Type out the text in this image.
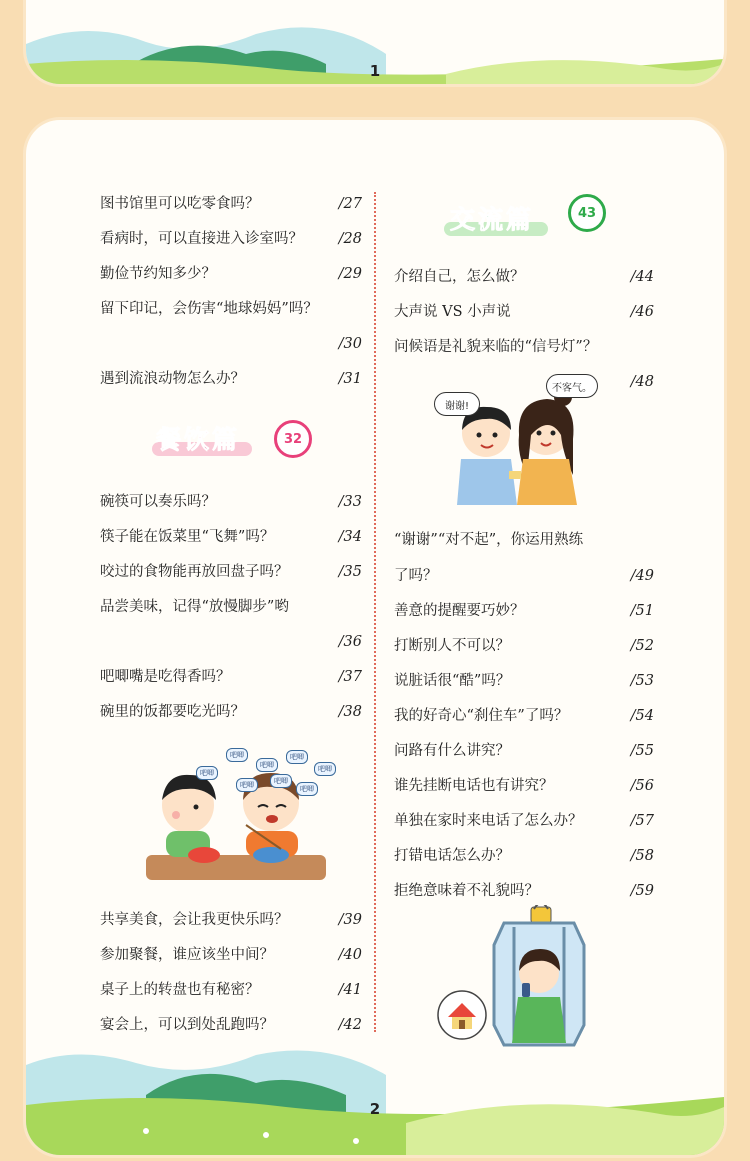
1
餐饮篇	32
交流篇	43
吧唧
吧唧
吧唧
吧唧	吧唧
吧唧	吧唧
吧唧
谢谢!
不客气。
2
图书馆里可以吃零食吗？	/27
看病时，可以直接进入诊室吗？ /28
勤俭节约知多少？	/29
留下印记，会伤害“地球妈妈”吗？
/30
遇到流浪动物怎么办？	/31
碗筷可以奏乐吗？	/33
筷子能在饭菜里“飞舞”吗？	/34
咬过的食物能再放回盘子吗？	/35
品尝美味，记得“放慢脚步”哟
/36
吧唧嘴是吃得香吗？	/37
碗里的饭都要吃光吗？	/38
共享美食，会让我更快乐吗？	/39
参加聚餐，谁应该坐中间？	/40
桌子上的转盘也有秘密？	/41
宴会上，可以到处乱跑吗？	/42
介绍自己，怎么做？	/44
大声说 VS 小声说	/46
问候语是礼貌来临的“信号灯”？
/48
“谢谢”“对不起”，你运用熟练
了吗？	/49
善意的提醒要巧妙？	/51
打断别人不可以？	/52
说脏话很“酷”吗？	/53
我的好奇心“刹住车”了吗？	/54
问路有什么讲究？	/55
谁先挂断电话也有讲究？	/56
单独在家时来电话了怎么办？	/57
打错电话怎么办？	/58
拒绝意味着不礼貌吗？	/59
